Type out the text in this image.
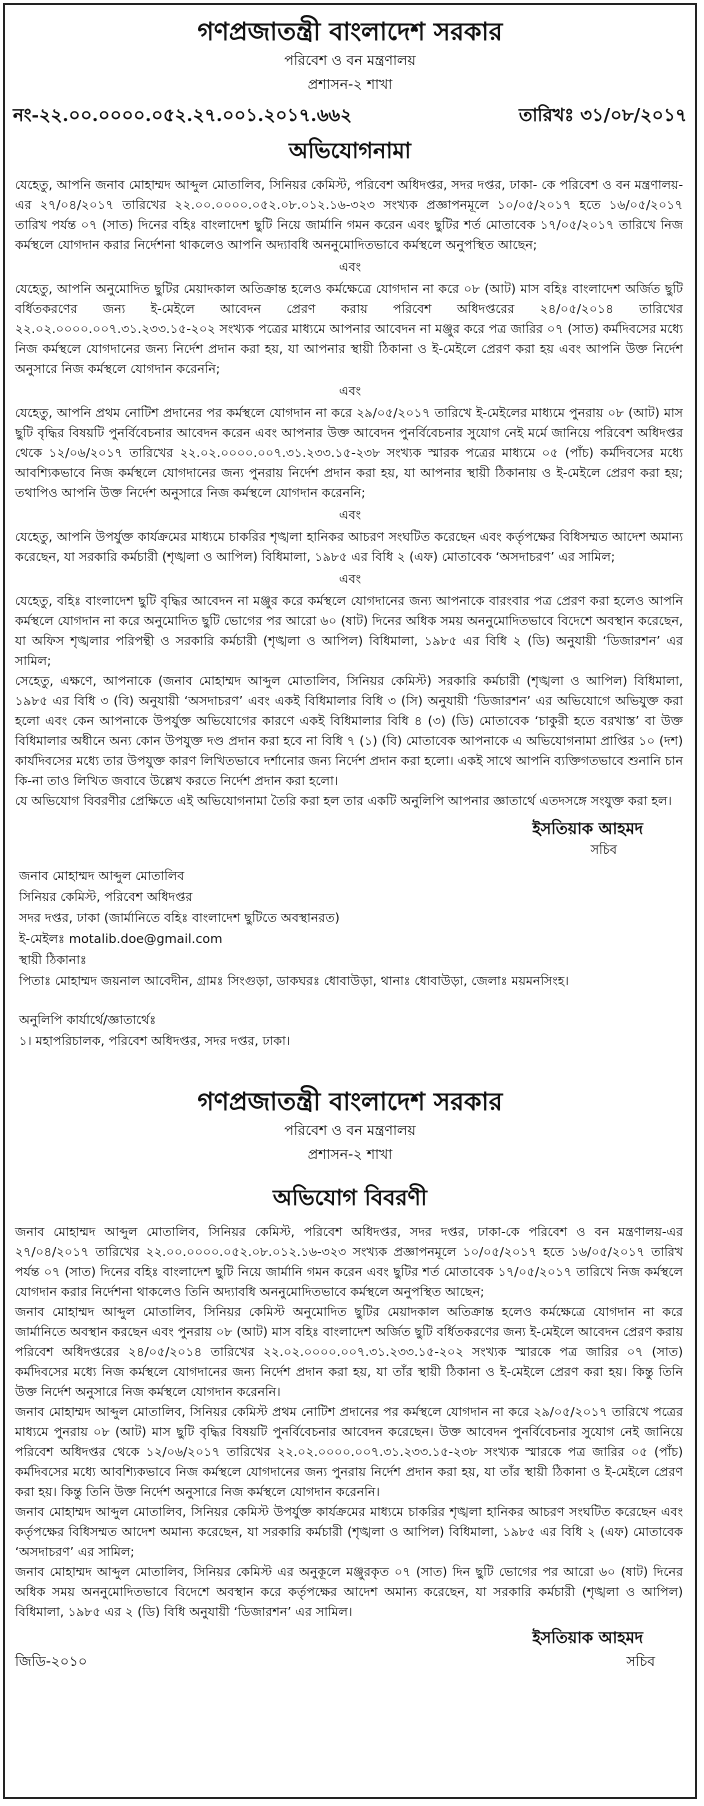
গণপ্রজাতন্ত্রী বাংলাদেশ সরকার
পরিবেশ ও বন মন্ত্রণালয়
প্রশাসন-২ শাখা
নং-২২.০০.০০০০.০৫২.২৭.০০১.২০১৭.৬৬২	তারিখঃ ৩১/০৮/২০১৭
অভিযোগনামা

যেহেতু, আপনি জনাব মোহাম্মদ আব্দুল মোতালিব, সিনিয়র কেমিস্ট, পরিবেশ অধিদপ্তর, সদর দপ্তর, ঢাকা- কে পরিবেশ ও বন মন্ত্রণালয়-এর ২৭/০৪/২০১৭ তারিখের ২২.০০.০০০০.০৫২.০৮.০১২.১৬-৩২৩ সংখ্যক প্রজ্ঞাপনমূলে ১০/০৫/২০১৭ হতে ১৬/০৫/২০১৭ তারিখ পর্যন্ত ০৭ (সাত) দিনের বহিঃ বাংলাদেশ ছুটি নিয়ে জার্মানি গমন করেন এবং ছুটির শর্ত মোতাবেক ১৭/০৫/২০১৭ তারিখে নিজ কর্মস্থলে যোগদান করার নির্দেশনা থাকলেও আপনি অদ্যাবধি অননুমোদিতভাবে কর্মস্থলে অনুপস্থিত আছেন;

এবং

যেহেতু, আপনি অনুমোদিত ছুটির মেয়াদকাল অতিক্রান্ত হলেও কর্মক্ষেত্রে যোগদান না করে ০৮ (আট) মাস বহিঃ বাংলাদেশ অর্জিত ছুটি বর্ধিতকরণের জন্য ই-মেইলে আবেদন প্রেরণ করায় পরিবেশ অধিদপ্তরের ২৪/০৫/২০১৪ তারিখের ২২.০২.০০০০.০০৭.৩১.২৩৩.১৫-২০২ সংখ্যক পত্রের মাধ্যমে আপনার আবেদন না মঞ্জুর করে পত্র জারির ০৭ (সাত) কর্মদিবসের মধ্যে নিজ কর্মস্থলে যোগদানের জন্য নির্দেশ প্রদান করা হয়, যা আপনার স্থায়ী ঠিকানা ও ই-মেইলে প্রেরণ করা হয় এবং আপনি উক্ত নির্দেশ অনুসারে নিজ কর্মস্থলে যোগদান করেননি;

এবং

যেহেতু, আপনি প্রথম নোটিশ প্রদানের পর কর্মস্থলে যোগদান না করে ২৯/০৫/২০১৭ তারিখে ই-মেইলের মাধ্যমে পুনরায় ০৮ (আট) মাস ছুটি বৃদ্ধির বিষয়টি পুনর্বিবেচনার আবেদন করেন এবং আপনার উক্ত আবেদন পুনর্বিবেচনার সুযোগ নেই মর্মে জানিয়ে পরিবেশ অধিদপ্তর থেকে ১২/০৬/২০১৭ তারিখের ২২.০২.০০০০.০০৭.৩১.২৩৩.১৫-২৩৮ সংখ্যক স্মারক পত্রের মাধ্যমে ০৫ (পাঁচ) কর্মদিবসের মধ্যে আবশ্যিকভাবে নিজ কর্মস্থলে যোগদানের জন্য পুনরায় নির্দেশ প্রদান করা হয়, যা আপনার স্থায়ী ঠিকানায় ও ই-মেইলে প্রেরণ করা হয়; তথাপিও আপনি উক্ত নির্দেশ অনুসারে নিজ কর্মস্থলে যোগদান করেননি;

এবং

যেহেতু, আপনি উপর্যুক্ত কার্যক্রমের মাধ্যমে চাকরির শৃঙ্খলা হানিকর আচরণ সংঘটিত করেছেন এবং কর্তৃপক্ষের বিধিসম্মত আদেশ অমান্য করেছেন, যা সরকারি কর্মচারী (শৃঙ্খলা ও আপিল) বিধিমালা, ১৯৮৫ এর বিধি ২ (এফ) মোতাবেক ‘অসদাচরণ’ এর সামিল;

এবং

যেহেতু, বহিঃ বাংলাদেশ ছুটি বৃদ্ধির আবেদন না মঞ্জুর করে কর্মস্থলে যোগদানের জন্য আপনাকে বারংবার পত্র প্রেরণ করা হলেও আপনি কর্মস্থলে যোগদান না করে অনুমোদিত ছুটি ভোগের পর আরো ৬০ (ষাট) দিনের অধিক সময় অননুমোদিতভাবে বিদেশে অবস্থান করেছেন, যা অফিস শৃঙ্খলার পরিপন্থী ও সরকারি কর্মচারী (শৃঙ্খলা ও আপিল) বিধিমালা, ১৯৮৫ এর বিধি ২ (ডি) অনুযায়ী ‘ডিজারশন’ এর সামিল;

সেহেতু, এক্ষণে, আপনাকে (জনাব মোহাম্মদ আব্দুল মোতালিব, সিনিয়র কেমিস্ট) সরকারি কর্মচারী (শৃঙ্খলা ও আপিল) বিধিমালা, ১৯৮৫ এর বিধি ৩ (বি) অনুযায়ী ‘অসদাচরণ’ এবং একই বিধিমালার বিধি ৩ (সি) অনুযায়ী ‘ডিজারশন’ এর অভিযোগে অভিযুক্ত করা হলো এবং কেন আপনাকে উপর্যুক্ত অভিযোগের কারণে একই বিধিমালার বিধি ৪ (৩) (ডি) মোতাবেক ‘চাকুরী হতে বরখাস্ত’ বা উক্ত বিধিমালার অধীনে অন্য কোন উপযুক্ত দণ্ড প্রদান করা হবে না বিধি ৭ (১) (বি) মোতাবেক আপনাকে এ অভিযোগনামা প্রাপ্তির ১০ (দশ) কার্যদিবসের মধ্যে তার উপযুক্ত কারণ লিখিতভাবে দর্শানোর জন্য নির্দেশ প্রদান করা হলো। একই সাথে আপনি ব্যক্তিগতভাবে শুনানি চান কি-না তাও লিখিত জবাবে উল্লেখ করতে নির্দেশ প্রদান করা হলো।

যে অভিযোগ বিবরণীর প্রেক্ষিতে এই অভিযোগনামা তৈরি করা হল তার একটি অনুলিপি আপনার জ্ঞাতার্থে এতদসঙ্গে সংযুক্ত করা হল।

ইসতিয়াক আহমদ
সচিব
জনাব মোহাম্মদ আব্দুল মোতালিব
সিনিয়র কেমিস্ট, পরিবেশ অধিদপ্তর
সদর দপ্তর, ঢাকা (জার্মানিতে বহিঃ বাংলাদেশ ছুটিতে অবস্থানরত)
ই-মেইলঃ motalib.doe@gmail.com
স্থায়ী ঠিকানাঃ
পিতাঃ মোহাম্মদ জয়নাল আবেদীন, গ্রামঃ সিংগুড়া, ডাকঘরঃ ধোবাউড়া, থানাঃ ধোবাউড়া, জেলাঃ ময়মনসিংহ।
অনুলিপি কার্যার্থে/জ্ঞাতার্থেঃ
১। মহাপরিচালক, পরিবেশ অধিদপ্তর, সদর দপ্তর, ঢাকা।
গণপ্রজাতন্ত্রী বাংলাদেশ সরকার
পরিবেশ ও বন মন্ত্রণালয়
প্রশাসন-২ শাখা
অভিযোগ বিবরণী

জনাব মোহাম্মদ আব্দুল মোতালিব, সিনিয়র কেমিস্ট, পরিবেশ অধিদপ্তর, সদর দপ্তর, ঢাকা-কে পরিবেশ ও বন মন্ত্রণালয়-এর ২৭/০৪/২০১৭ তারিখের ২২.০০.০০০০.০৫২.০৮.০১২.১৬-৩২৩ সংখ্যক প্রজ্ঞাপনমূলে ১০/০৫/২০১৭ হতে ১৬/০৫/২০১৭ তারিখ পর্যন্ত ০৭ (সাত) দিনের বহিঃ বাংলাদেশ ছুটি নিয়ে জার্মানি গমন করেন এবং ছুটির শর্ত মোতাবেক ১৭/০৫/২০১৭ তারিখে নিজ কর্মস্থলে যোগদান করার নির্দেশনা থাকলেও তিনি অদ্যাবধি অননুমোদিতভাবে কর্মস্থলে অনুপস্থিত আছেন;

জনাব মোহাম্মদ আব্দুল মোতালিব, সিনিয়র কেমিস্ট অনুমোদিত ছুটির মেয়াদকাল অতিক্রান্ত হলেও কর্মক্ষেত্রে যোগদান না করে জার্মানিতে অবস্থান করছেন এবং পুনরায় ০৮ (আট) মাস বহিঃ বাংলাদেশ অর্জিত ছুটি বর্ধিতকরণের জন্য ই-মেইলে আবেদন প্রেরণ করায় পরিবেশ অধিদপ্তরের ২৪/০৫/২০১৪ তারিখের ২২.০২.০০০০.০০৭.৩১.২৩৩.১৫-২০২ সংখ্যক স্মারকে পত্র জারির ০৭ (সাত) কর্মদিবসের মধ্যে নিজ কর্মস্থলে যোগদানের জন্য নির্দেশ প্রদান করা হয়, যা তাঁর স্থায়ী ঠিকানা ও ই-মেইলে প্রেরণ করা হয়। কিন্তু তিনি উক্ত নির্দেশ অনুসারে নিজ কর্মস্থলে যোগদান করেননি।

জনাব মোহাম্মদ আব্দুল মোতালিব, সিনিয়র কেমিস্ট প্রথম নোটিশ প্রদানের পর কর্মস্থলে যোগদান না করে ২৯/০৫/২০১৭ তারিখে পত্রের মাধ্যমে পুনরায় ০৮ (আট) মাস ছুটি বৃদ্ধির বিষয়টি পুনর্বিবেচনার আবেদন করেছেন। উক্ত আবেদন পুনর্বিবেচনার সুযোগ নেই জানিয়ে পরিবেশ অধিদপ্তর থেকে ১২/০৬/২০১৭ তারিখের ২২.০২.০০০০.০০৭.৩১.২৩৩.১৫-২৩৮ সংখ্যক স্মারকে পত্র জারির ০৫ (পাঁচ) কর্মদিবসের মধ্যে আবশ্যিকভাবে নিজ কর্মস্থলে যোগদানের জন্য পুনরায় নির্দেশ প্রদান করা হয়, যা তাঁর স্থায়ী ঠিকানা ও ই-মেইলে প্রেরণ করা হয়। কিন্তু তিনি উক্ত নির্দেশ অনুসারে নিজ কর্মস্থলে যোগদান করেননি।

জনাব মোহাম্মদ আব্দুল মোতালিব, সিনিয়র কেমিস্ট উপর্যুক্ত কার্যক্রমের মাধ্যমে চাকরির শৃঙ্খলা হানিকর আচরণ সংঘটিত করেছেন এবং কর্তৃপক্ষের বিধিসম্মত আদেশ অমান্য করেছেন, যা সরকারি কর্মচারী (শৃঙ্খলা ও আপিল) বিধিমালা, ১৯৮৫ এর বিধি ২ (এফ) মোতাবেক ‘অসদাচরণ’ এর সামিল;

জনাব মোহাম্মদ আব্দুল মোতালিব, সিনিয়র কেমিস্ট এর অনুকূলে মঞ্জুরকৃত ০৭ (সাত) দিন ছুটি ভোগের পর আরো ৬০ (ষাট) দিনের অধিক সময় অননুমোদিতভাবে বিদেশে অবস্থান করে কর্তৃপক্ষের আদেশ অমান্য করেছেন, যা সরকারি কর্মচারী (শৃঙ্খলা ও আপিল) বিধিমালা, ১৯৮৫ এর ২ (ডি) বিধি অনুযায়ী ‘ডিজারশন’ এর সামিল।

ইসতিয়াক আহমদ
জিডি-২০১০	সচিব
